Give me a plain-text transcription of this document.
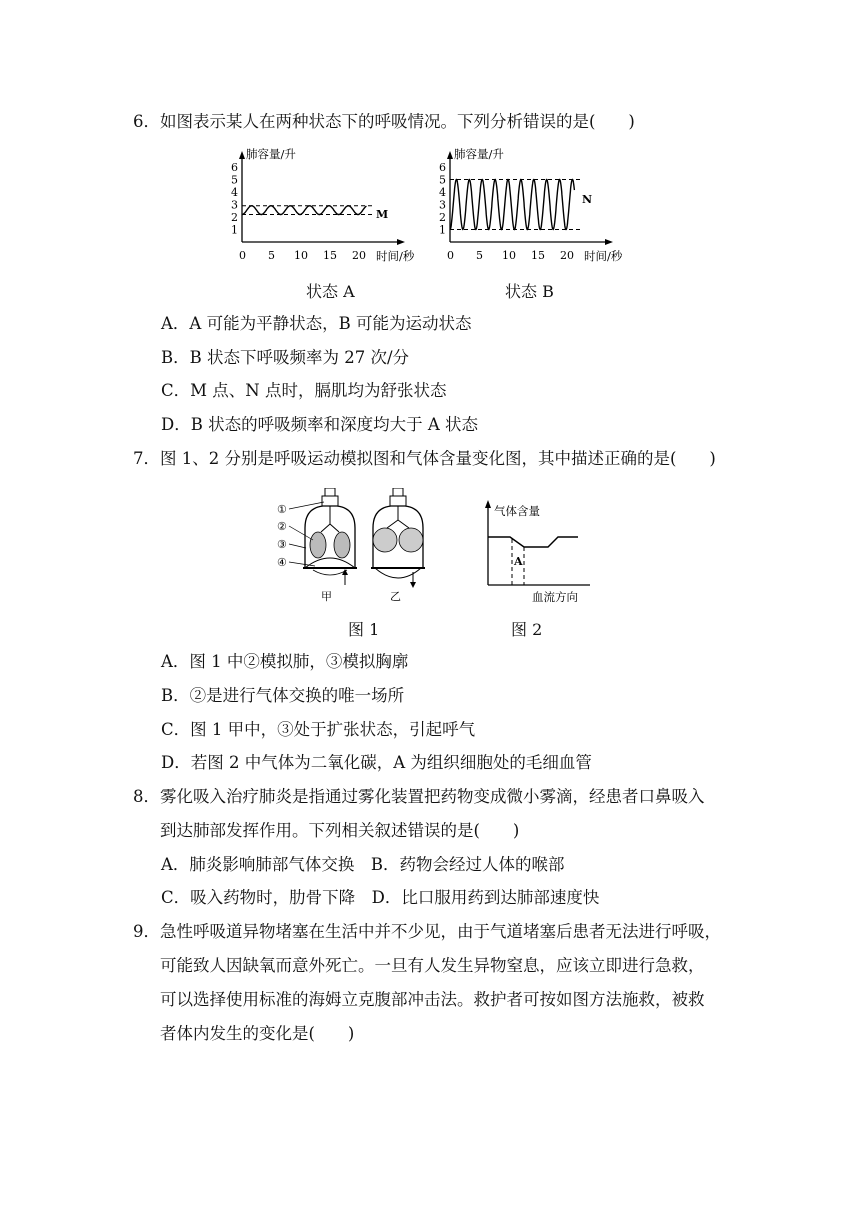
6．如图表示某人在两种状态下的呼吸情况。下列分析错误的是(　　)
肺容量/升
1
2
3
4
5
6
0 5 10 15 20 时间/秒
M
肺容量/升
1
2
3
4
5
6
0 5 10 15 20 时间/秒
N
状态 A	状态 B
A．A 可能为平静状态，B 可能为运动状态
B．B 状态下呼吸频率为 27 次/分
C．M 点、N 点时，膈肌均为舒张状态
D．B 状态的呼吸频率和深度均大于 A 状态
7．图 1、2 分别是呼吸运动模拟图和气体含量变化图，其中描述正确的是(　　)
①
②
③
④
甲	乙
气体含量
A
血流方向
图 1	图 2
A．图 1 中②模拟肺，③模拟胸廓
B．②是进行气体交换的唯一场所
C．图 1 甲中，③处于扩张状态，引起呼气
D．若图 2 中气体为二氧化碳，A 为组织细胞处的毛细血管
8．雾化吸入治疗肺炎是指通过雾化装置把药物变成微小雾滴，经患者口鼻吸入
到达肺部发挥作用。下列相关叙述错误的是(　　)
A．肺炎影响肺部气体交换　B．药物会经过人体的喉部
C．吸入药物时，肋骨下降　D．比口服用药到达肺部速度快
9．急性呼吸道异物堵塞在生活中并不少见，由于气道堵塞后患者无法进行呼吸，
可能致人因缺氧而意外死亡。一旦有人发生异物窒息，应该立即进行急救，
可以选择使用标准的海姆立克腹部冲击法。救护者可按如图方法施救，被救
者体内发生的变化是(　　)
